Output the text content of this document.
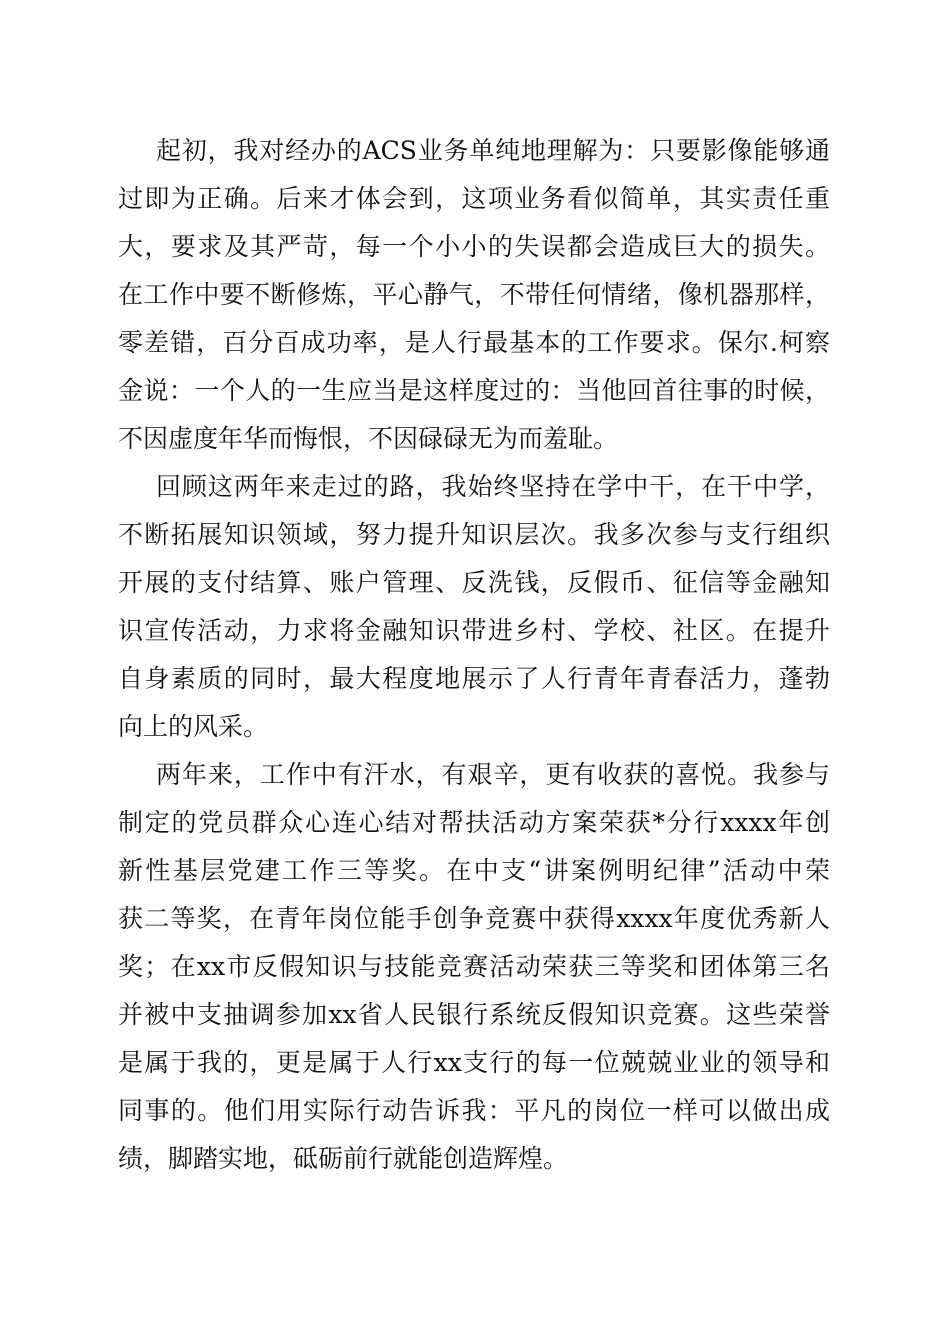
起初，我对经办的ACS业务单纯地理解为：只要影像能够通
过即为正确。后来才体会到，这项业务看似简单，其实责任重
大，要求及其严苛，每一个小小的失误都会造成巨大的损失。
在工作中要不断修炼，平心静气，不带任何情绪，像机器那样，
零差错，百分百成功率，是人行最基本的工作要求。保尔.柯察
金说：一个人的一生应当是这样度过的：当他回首往事的时候，
不因虚度年华而悔恨，不因碌碌无为而羞耻。
回顾这两年来走过的路，我始终坚持在学中干，在干中学，
不断拓展知识领域，努力提升知识层次。我多次参与支行组织
开展的支付结算、账户管理、反洗钱，反假币、征信等金融知
识宣传活动，力求将金融知识带进乡村、学校、社区。在提升
自身素质的同时，最大程度地展示了人行青年青春活力，蓬勃
向上的风采。
两年来，工作中有汗水，有艰辛，更有收获的喜悦。我参与
制定的党员群众心连心结对帮扶活动方案荣获*分行xxxx年创
新性基层党建工作三等奖。在中支“讲案例明纪律”活动中荣
获二等奖，在青年岗位能手创争竞赛中获得xxxx年度优秀新人
奖；在xx市反假知识与技能竞赛活动荣获三等奖和团体第三名
并被中支抽调参加xx省人民银行系统反假知识竞赛。这些荣誉
是属于我的，更是属于人行xx支行的每一位兢兢业业的领导和
同事的。他们用实际行动告诉我：平凡的岗位一样可以做出成
绩，脚踏实地，砥砺前行就能创造辉煌。
